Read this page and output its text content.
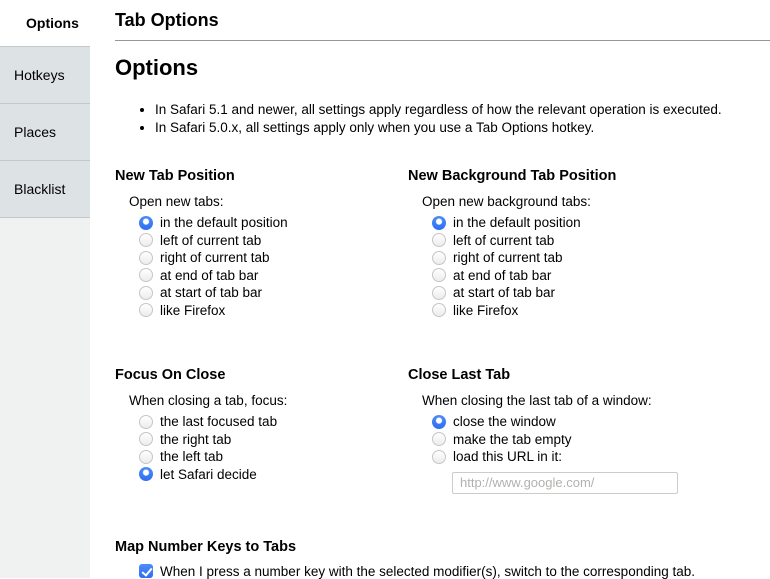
Options
Hotkeys
Places
Blacklist
Tab Options
Options
• In Safari 5.1 and newer, all settings apply regardless of how the relevant operation is executed.
• In Safari 5.0.x, all settings apply only when you use a Tab Options hotkey.
New Tab Position
Open new tabs:
in the default position
left of current tab
right of current tab
at end of tab bar
at start of tab bar
like Firefox
New Background Tab Position
Open new background tabs:
in the default position
left of current tab
right of current tab
at end of tab bar
at start of tab bar
like Firefox
Focus On Close
When closing a tab, focus:
the last focused tab
the right tab
the left tab
let Safari decide
Close Last Tab
When closing the last tab of a window:
close the window
make the tab empty
load this URL in it:
http://www.google.com/
Map Number Keys to Tabs
When I press a number key with the selected modifier(s), switch to the corresponding tab.
